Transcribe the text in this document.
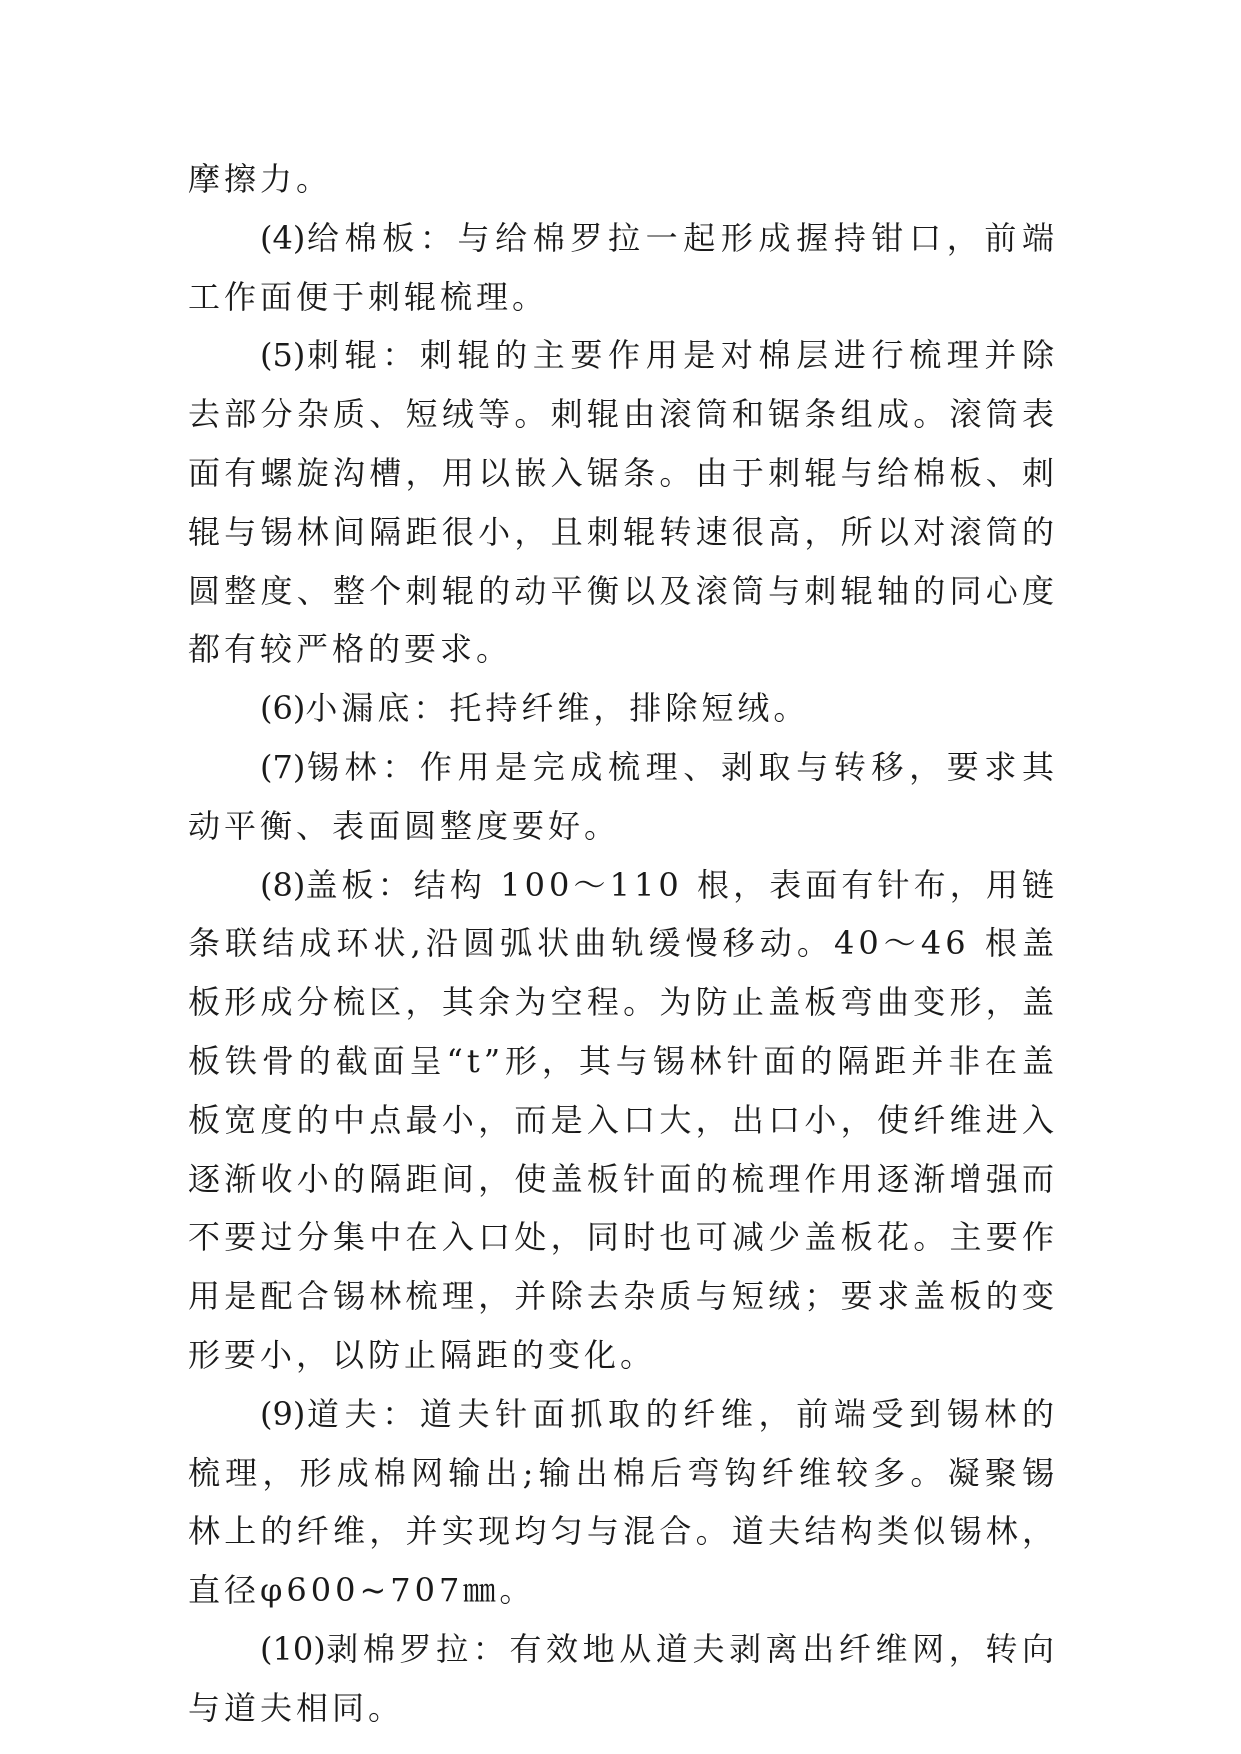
摩擦力。

(4)给棉板：与给棉罗拉一起形成握持钳口，前端工作面便于刺辊梳理。

(5)刺辊：刺辊的主要作用是对棉层进行梳理并除去部分杂质、短绒等。刺辊由滚筒和锯条组成。滚筒表面有螺旋沟槽，用以嵌入锯条。由于刺辊与给棉板、刺辊与锡林间隔距很小，且刺辊转速很高，所以对滚筒的圆整度、整个刺辊的动平衡以及滚筒与刺辊轴的同心度都有较严格的要求。

(6)小漏底：托持纤维，排除短绒。

(7)锡林：作用是完成梳理、剥取与转移，要求其动平衡、表面圆整度要好。

(8)盖板：结构 100～110 根，表面有针布，用链条联结成环状,沿圆弧状曲轨缓慢移动。40～46 根盖板形成分梳区，其余为空程。为防止盖板弯曲变形，盖板铁骨的截面呈“t”形，其与锡林针面的隔距并非在盖板宽度的中点最小，而是入口大，出口小，使纤维进入逐渐收小的隔距间，使盖板针面的梳理作用逐渐增强而不要过分集中在入口处，同时也可减少盖板花。主要作用是配合锡林梳理，并除去杂质与短绒；要求盖板的变形要小，以防止隔距的变化。

(9)道夫：道夫针面抓取的纤维，前端受到锡林的梳理，形成棉网输出;输出棉后弯钩纤维较多。凝聚锡林上的纤维，并实现均匀与混合。道夫结构类似锡林，直径φ600~707㎜。

(10)剥棉罗拉：有效地从道夫剥离出纤维网，转向与道夫相同。
